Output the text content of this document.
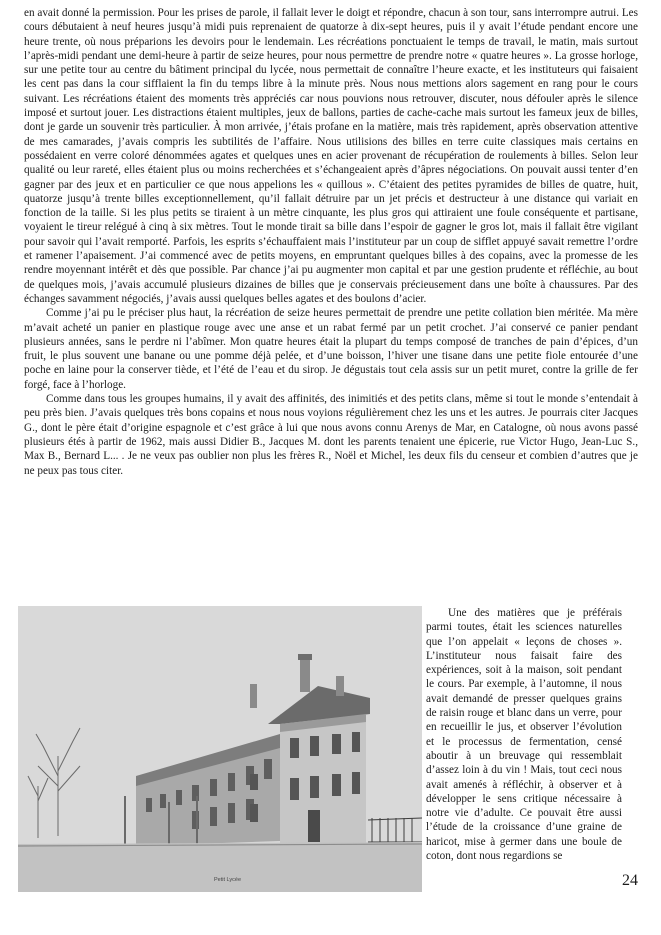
en avait donné la permission. Pour les prises de parole, il fallait lever le doigt et répondre, chacun à son tour, sans interrompre autrui. Les cours débutaient à neuf heures jusqu’à midi puis reprenaient de quatorze à dix-sept heures, puis il y avait l’étude pendant encore une heure trente, où nous préparions les devoirs pour le lendemain. Les récréations ponctuaient le temps de travail, le matin, mais surtout l’après-midi pendant une demi-heure à partir de seize heures, pour nous permettre de prendre notre « quatre heures ». La grosse horloge, sur une petite tour au centre du bâtiment principal du lycée, nous permettait de connaître l’heure exacte, et les instituteurs qui faisaient les cent pas dans la cour sifflaient la fin du temps libre à la minute près. Nous nous mettions alors sagement en rang pour le cours suivant. Les récréations étaient des moments très appréciés car nous pouvions nous retrouver, discuter, nous défouler après le silence imposé et surtout jouer. Les distractions étaient multiples, jeux de ballons, parties de cache-cache mais surtout les fameux jeux de billes, dont je garde un souvenir très particulier. À mon arrivée, j’étais profane en la matière, mais très rapidement, après observation attentive de mes camarades, j’avais compris les subtilités de l’affaire. Nous utilisions des billes en terre cuite classiques mais certains en possédaient en verre coloré dénommées agates et quelques unes en acier provenant de récupération de roulements à billes. Selon leur qualité ou leur rareté, elles étaient plus ou moins recherchées et s’échangeaient après d’âpres négociations. On pouvait aussi tenter d’en gagner par des jeux et en particulier ce que nous appelions les « quillous ». C’étaient des petites pyramides de billes de quatre, huit, quatorze jusqu’à trente billes exceptionnellement, qu’il fallait détruire par un jet précis et destructeur à une distance qui variait en fonction de la taille. Si les plus petits se tiraient à un mètre cinquante, les plus gros qui attiraient une foule conséquente et partisane, voyaient le tireur relégué à cinq à six mètres. Tout le monde tirait sa bille dans l’espoir de gagner le gros lot, mais il fallait être vigilant pour savoir qui l’avait remporté. Parfois, les esprits s’échauffaient mais l’instituteur par un coup de sifflet appuyé savait remettre l’ordre et ramener l’apaisement. J’ai commencé avec de petits moyens, en empruntant quelques billes à des copains, avec la promesse de les rendre moyennant intérêt et dès que possible. Par chance j’ai pu augmenter mon capital et par une gestion prudente et réfléchie, au bout de quelques mois, j’avais accumulé plusieurs dizaines de billes que je conservais précieusement dans une boîte à chaussures. Par des échanges savamment négociés, j’avais aussi quelques belles agates et des boulons d’acier.

Comme j’ai pu le préciser plus haut, la récréation de seize heures permettait de prendre une petite collation bien méritée. Ma mère m’avait acheté un panier en plastique rouge avec une anse et un rabat fermé par un petit crochet. J’ai conservé ce panier pendant plusieurs années, sans le perdre ni l’abîmer. Mon quatre heures était la plupart du temps composé de tranches de pain d’épices, d’un fruit, le plus souvent une banane ou une pomme déjà pelée, et d’une boisson, l’hiver une tisane dans une petite fiole entourée d’une poche en laine pour la conserver tiède, et l’été de l’eau et du sirop. Je dégustais tout cela assis sur un petit muret, contre la grille de fer forgé, face à l’horloge.

Comme dans tous les groupes humains, il y avait des affinités, des inimitiés et des petits clans, même si tout le monde s’entendait à peu près bien. J’avais quelques très bons copains et nous nous voyions régulièrement chez les uns et les autres. Je pourrais citer Jacques G., dont le père était d’origine espagnole et c’est grâce à lui que nous avons connu Arenys de Mar, en Catalogne, où nous avons passé plusieurs étés à partir de 1962, mais aussi Didier B., Jacques M. dont les parents tenaient une épicerie, rue Victor Hugo, Jean-Luc S., Max B., Bernard L... . Je ne veux pas oublier non plus les frères R., Noël et Michel, les deux fils du censeur et combien d’autres que je ne peux pas tous citer.

Petit Lycée

Une des matières que je préférais parmi toutes, était les sciences naturelles que l’on appelait « leçons de choses ». L’instituteur nous faisait faire des expériences, soit à la maison, soit pendant le cours. Par exemple, à l’automne, il nous avait demandé de presser quelques grains de raisin rouge et blanc dans un verre, pour en recueillir le jus, et observer l’évolution et le processus de fermentation, censé aboutir à un breuvage qui ressemblait d’assez loin à du vin ! Mais, tout ceci nous avait amenés à réfléchir, à observer et à développer le sens critique nécessaire à notre vie d’adulte. Ce pouvait être aussi l’étude de la croissance d’une graine de haricot, mise à germer dans une boule de coton, dont nous regardions se

24
